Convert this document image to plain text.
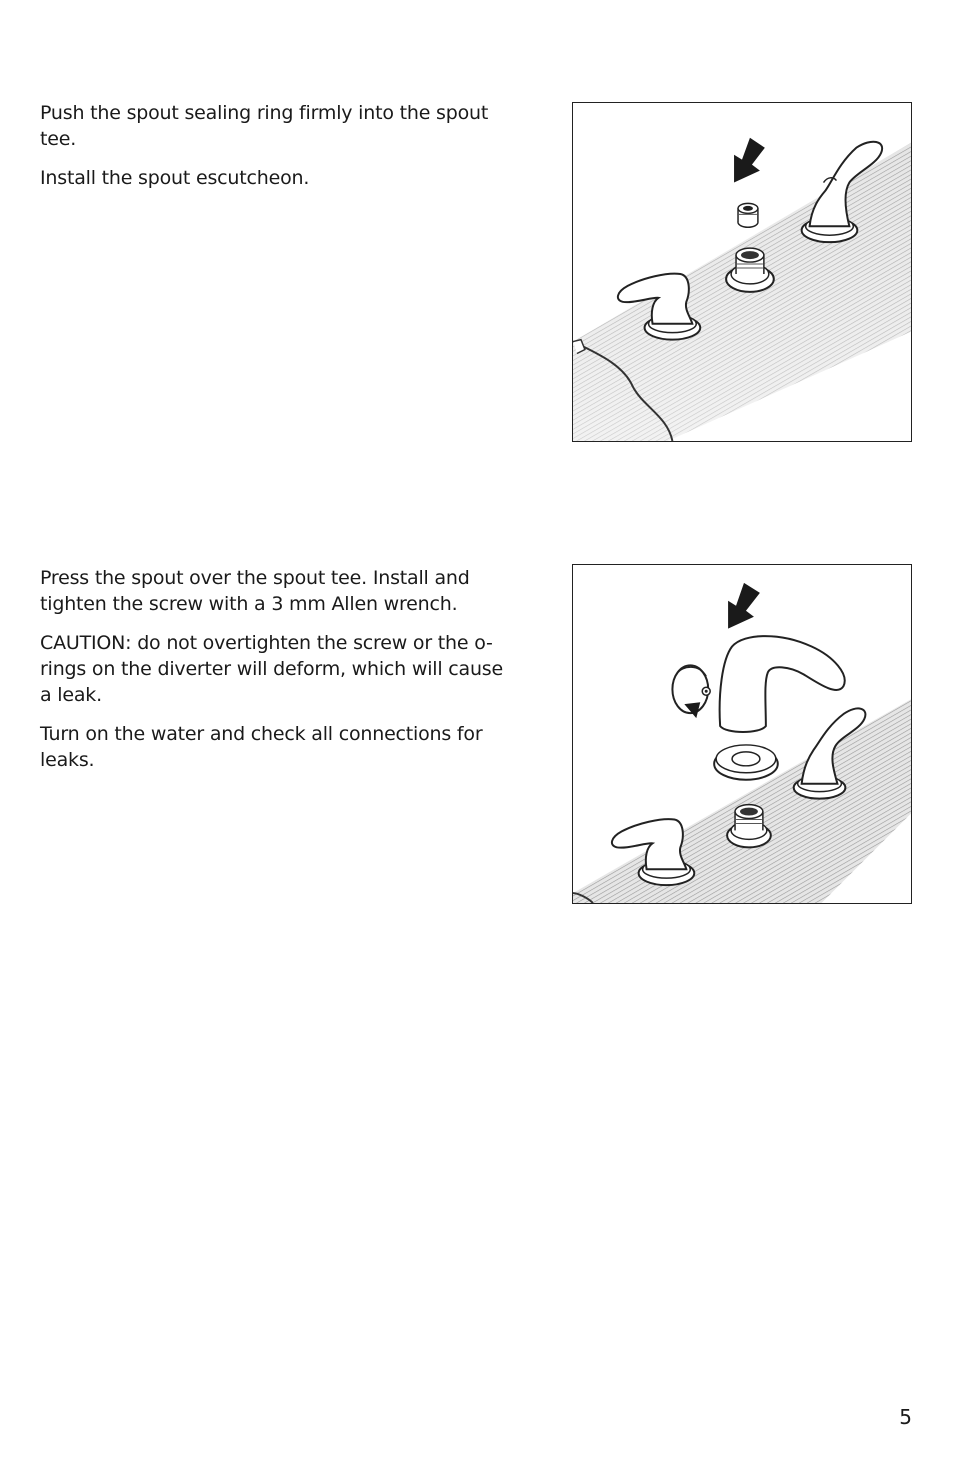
Push the spout sealing ring firmly into the spout tee.

Install the spout escutcheon.

Press the spout over the spout tee. Install and tighten the screw with a 3 mm Allen wrench.

CAUTION: do not overtighten the screw or the o-rings on the diverter will deform, which will cause a leak.

Turn on the water and check all connections for leaks.

5
